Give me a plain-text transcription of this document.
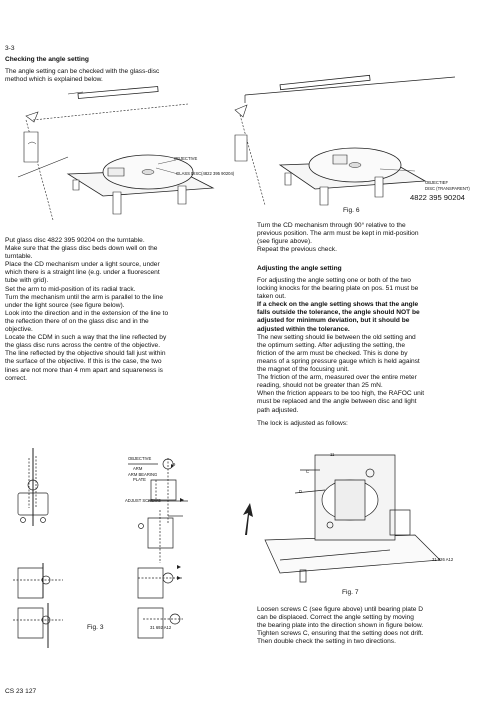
3-3
Checking the angle setting
The angle setting can be checked with the glass-disc
method which is explained below.
OBJECTIVE
GLASS DISC(4822 395 90204)
OBJECTIEF
DISC (TRANSPARENT)
4822 395 90204
Fig. 6
Turn the CD mechanism through 90° relative to the
previous position. The arm must be kept in mid-position
(see figure above).
Repeat the previous check.
Adjusting the angle setting
For adjusting the angle setting one or both of the two
locking knocks for the bearing plate on pos. 51 must be
taken out.
If a check on the angle setting shows that the angle
falls outside the tolerance, the angle should NOT be
adjusted for minimum deviation, but it should be
adjusted within the tolerance.
The new setting should lie between the old setting and
the optimum setting. After adjusting the setting, the
friction of the arm must be checked. This is done by
means of a spring pressure gauge which is held against
the magnet of the focusing unit.
The friction of the arm, measured over the entire meter
reading, should not be greater than 25 mN.
When the friction appears to be too high, the RAFOC unit
must be replaced and the angle between disc and light
path adjusted.
The lock is adjusted as follows:
Put glass disc 4822 395 90204 on the turntable.
Make sure that the glass disc beds down well on the
turntable.
Place the CD mechanism under a light source, under
which there is a straight line (e.g. under a fluorescent
tube with grid).
Set the arm to mid-position of its radial track.
Turn the mechanism until the arm is parallel to the line
under the light source (see figure below).
Look into the direction and in the extension of the line to
the reflection there of on the glass disc and in the
objective.
Locate the CDM in such a way that the line reflected by
the glass disc runs across the centre of the objective.
The line reflected by the objective should fall just within
the surface of the objective. If this is the case, the two
lines are not more than 4 mm apart and squareness is
correct.
OBJECTIVE
ARM
9
ARM BEARING
PLATE
ADJUST SCREWS
Fig. 3	31 692 A12
C
D
11
31 026 A12
Fig. 7
Loosen screws C (see figure above) until bearing plate D
can be displaced. Correct the angle setting by moving
the bearing plate into the direction shown in figure below.
Tighten screws C, ensuring that the setting does not drift.
Then double check the setting in two directions.
CS 23 127
